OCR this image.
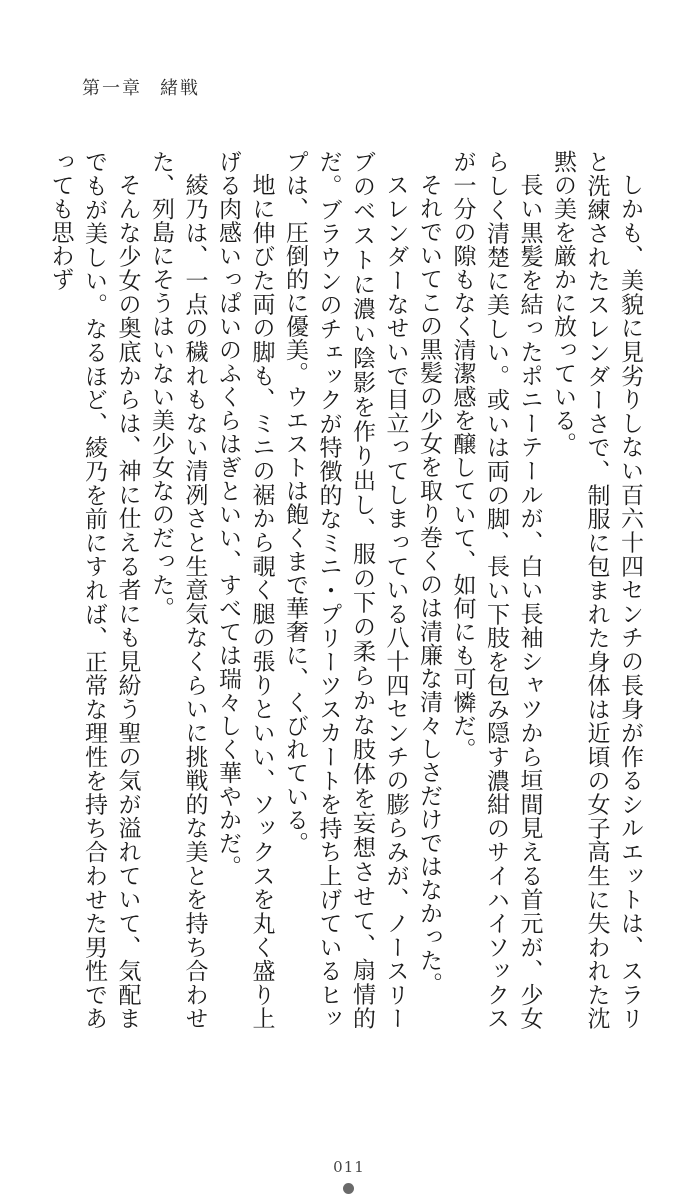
第一章 緒戦

しかも、美貌に見劣りしない百六十四センチの長身が作るシルエットは、スラリと洗練されたスレンダーさで、制服に包まれた身体は近頃の女子高生に失われた沈黙の美を厳かに放っている。

長い黒髪を結ったポニーテールが、白い長袖シャツから垣間見える首元が、少女らしく清楚に美しい。或いは両の脚、長い下肢を包み隠す濃紺のサイハイソックスが一分の隙もなく清潔感を醸していて、如何にも可憐だ。

それでいてこの黒髪の少女を取り巻くのは清廉な清々しさだけではなかった。

スレンダーなせいで目立ってしまっている八十四センチの膨らみが、ノースリーブのベストに濃い陰影を作り出し、服の下の柔らかな肢体を妄想させて、扇情的だ。ブラウンのチェックが特徴的なミニ・プリーツスカートを持ち上げているヒップは、圧倒的に優美。ウエストは飽くまで華奢に、くびれている。

地に伸びた両の脚も、ミニの裾から覗く腿の張りといい、ソックスを丸く盛り上げる肉感いっぱいのふくらはぎといい、すべては瑞々しく華やかだ。

綾乃は、一点の穢れもない清冽さと生意気なくらいに挑戦的な美とを持ち合わせた、列島にそうはいない美少女なのだった。

そんな少女の奥底からは、神に仕える者にも見紛う聖の気が溢れていて、気配までもが美しい。なるほど、綾乃を前にすれば、正常な理性を持ち合わせた男性であっても思わず

011
